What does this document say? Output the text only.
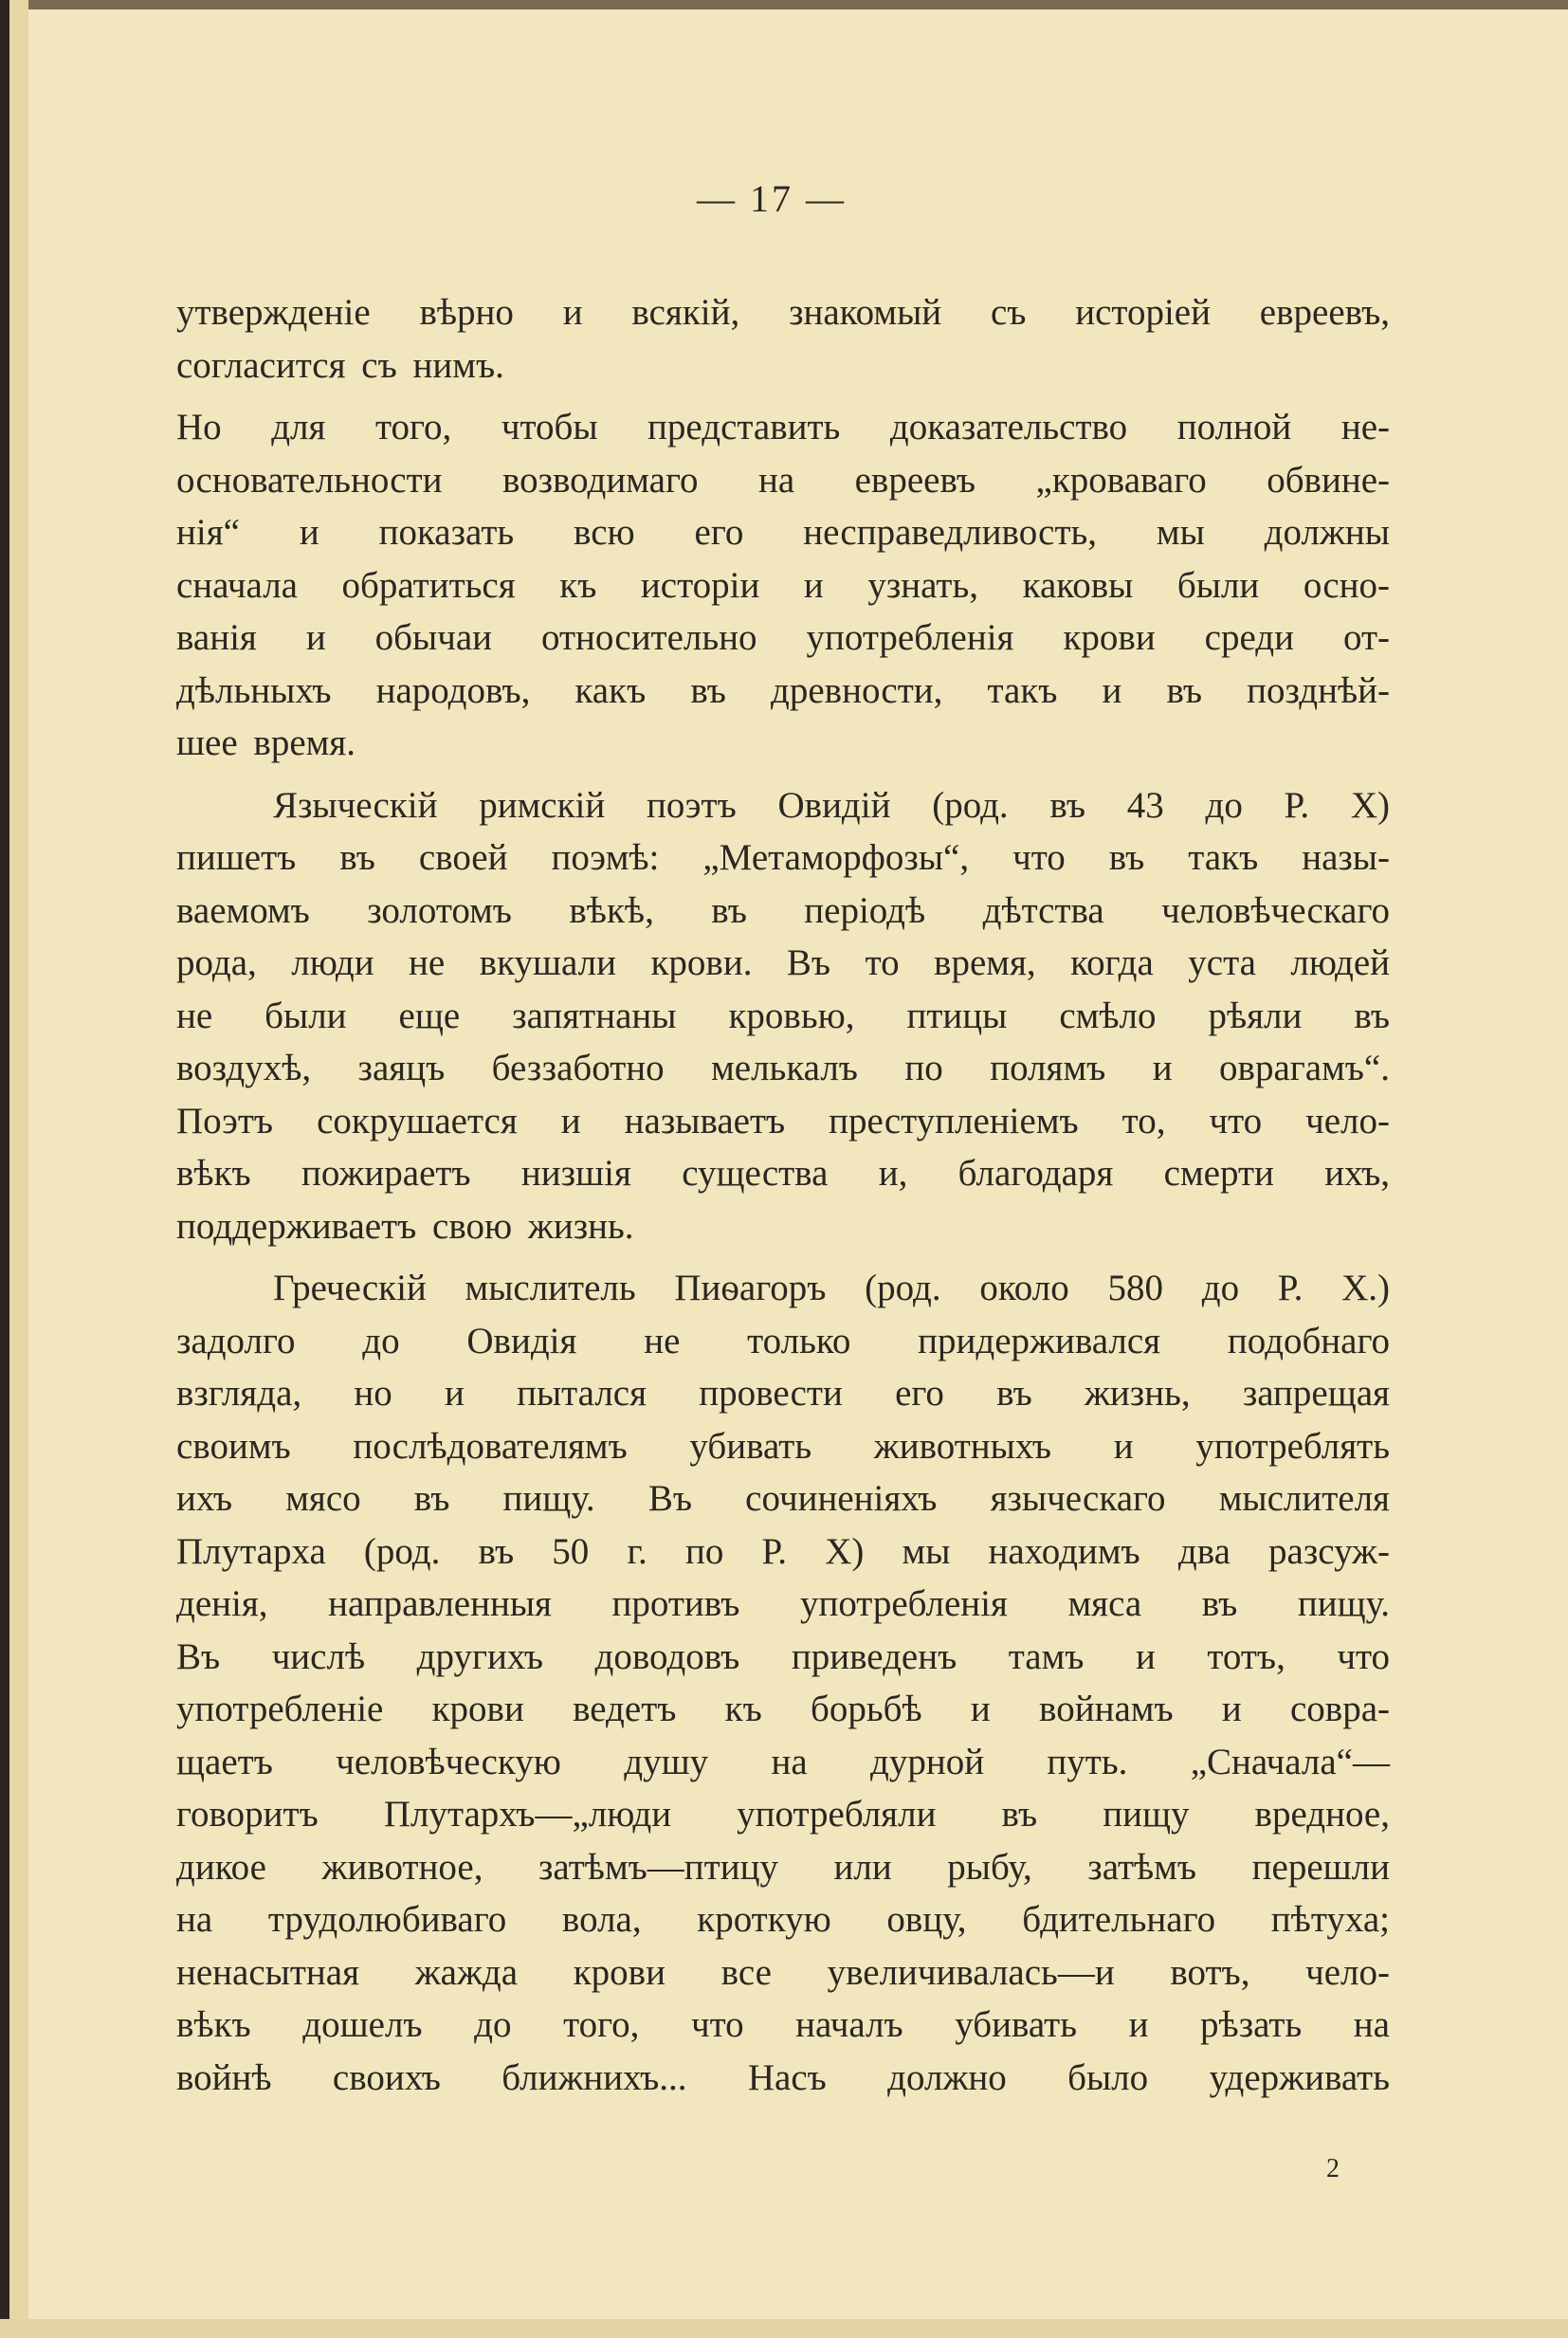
— 17 —
утвержденіе вѣрно и всякій, знакомый съ исторіей евреевъ,
согласится съ нимъ.
Но для того, чтобы представить доказательство полной не-
основательности возводимаго на евреевъ „кроваваго обвине-
нія“ и показать всю его несправедливость, мы должны
сначала обратиться къ исторіи и узнать, каковы были осно-
ванія и обычаи относительно употребленія крови среди от-
дѣльныхъ народовъ, какъ въ древности, такъ и въ позднѣй-
шее время.
Языческій римскій поэтъ Овидій (род. въ 43 до Р. Х)
пишетъ въ своей поэмѣ: „Метаморфозы“, что въ такъ назы-
ваемомъ золотомъ вѣкѣ, въ періодѣ дѣтства человѣческаго
рода, люди не вкушали крови. Въ то время, когда уста людей
не были еще запятнаны кровью, птицы смѣло рѣяли въ
воздухѣ, заяцъ беззаботно мелькалъ по полямъ и оврагамъ“.
Поэтъ сокрушается и называетъ преступленіемъ то, что чело-
вѣкъ пожираетъ низшія существа и, благодаря смерти ихъ,
поддерживаетъ свою жизнь.
Греческій мыслитель Пиѳагоръ (род. около 580 до Р. Х.)
задолго до Овидія не только придерживался подобнаго
взгляда, но и пытался провести его въ жизнь, запрещая
своимъ послѣдователямъ убивать животныхъ и употреблять
ихъ мясо въ пищу. Въ сочиненіяхъ языческаго мыслителя
Плутарха (род. въ 50 г. по Р. Х) мы находимъ два разсуж-
денія, направленныя противъ употребленія мяса въ пищу.
Въ числѣ другихъ доводовъ приведенъ тамъ и тотъ, что
употребленіе крови ведетъ къ борьбѣ и войнамъ и совра-
щаетъ человѣческую душу на дурной путь. „Сначала“—
говоритъ Плутархъ—„люди употребляли въ пищу вредное,
дикое животное, затѣмъ—птицу или рыбу, затѣмъ перешли
на трудолюбиваго вола, кроткую овцу, бдительнаго пѣтуха;
ненасытная жажда крови все увеличивалась—и вотъ, чело-
вѣкъ дошелъ до того, что началъ убивать и рѣзать на
войнѣ своихъ ближнихъ... Насъ должно было удерживать
2
